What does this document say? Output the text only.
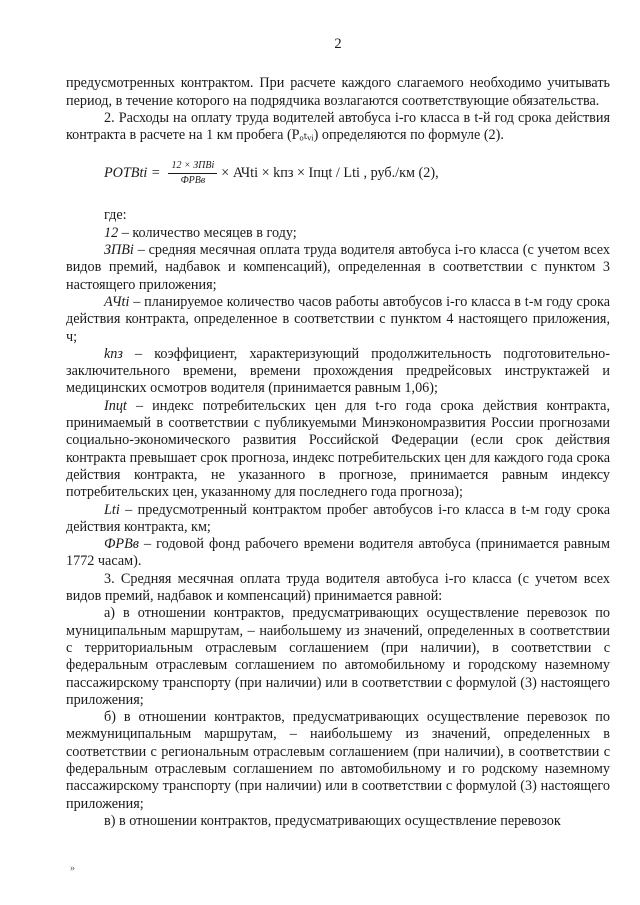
2

предусмотренных контрактом. При расчете каждого слагаемого необходимо учитывать период, в течение которого на подрядчика возлагаются соответствующие обязательства.

2. Расходы на оплату труда водителей автобуса i-го класса в t-й год срока действия контракта в расчете на 1 км пробега (Pₒₜᵥᵢ) определяются по формуле (2).

PОТВti = $\frac{\text{12 × ЗПВi}}{\text{ФРВв}}$ × АЧti × kпз × Iпцt / Lti , руб./км (2),

где:

12 – количество месяцев в году;

ЗПВi – средняя месячная оплата труда водителя автобуса i-го класса (с учетом всех видов премий, надбавок и компенсаций), определенная в соответствии с пунктом 3 настоящего приложения;

АЧti – планируемое количество часов работы автобусов i-го класса в t-м году срока действия контракта, определенное в соответствии с пунктом 4 настоящего приложения, ч;

kпз – коэффициент, характеризующий продолжительность подготовительно-заключительного времени, времени прохождения предрейсовых инструктажей и медицинских осмотров водителя (принимается равным 1,06);

Iпцt – индекс потребительских цен для t-го года срока действия контракта, принимаемый в соответствии с публикуемыми Минэкономразвития России прогнозами социально-экономического развития Российской Федерации (если срок действия контракта превышает срок прогноза, индекс потребительских цен для каждого года срока действия контракта, не указанного в прогнозе, принимается равным индексу потребительских цен, указанному для последнего года прогноза);

Lti – предусмотренный контрактом пробег автобусов i-го класса в t-м году срока действия контракта, км;

ФРВв – годовой фонд рабочего времени водителя автобуса (принимается равным 1772 часам).

3. Средняя месячная оплата труда водителя автобуса i-го класса (с учетом всех видов премий, надбавок и компенсаций) принимается равной:

а) в отношении контрактов, предусматривающих осуществление перевозок по муниципальным маршрутам, – наибольшему из значений, определенных в соответствии с территориальным отраслевым соглашением (при наличии), в соответствии с федеральным отраслевым соглашением по автомобильному и городскому наземному пассажирскому транспорту (при наличии) или в соответствии с формулой (3) настоящего приложения;

б) в отношении контрактов, предусматривающих осуществление перевозок по межмуниципальным маршрутам, – наибольшему из значений, определенных в соответствии с региональным отраслевым соглашением (при наличии), в соответствии с федеральным отраслевым соглашением по автомобильному и го родскому наземному пассажирскому транспорту (при наличии) или в соответствии с формулой (3) настоящего приложения;

в) в отношении контрактов, предусматривающих осуществление перевозок

»
